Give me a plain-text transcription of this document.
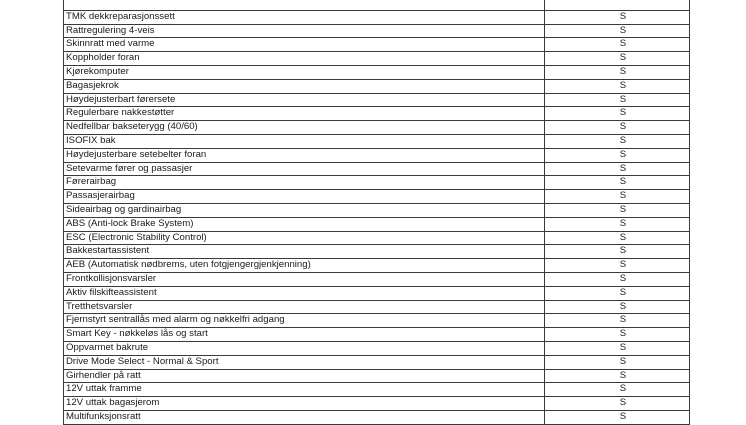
TMK dekkreparasjonssett	S
Rattregulering 4-veis	S
Skinnratt med varme	S
Koppholder foran	S
Kjørekomputer	S
Bagasjekrok	S
Høydejusterbart førersete	S
Regulerbare nakkestøtter	S
Nedfellbar bakseterygg (40/60)	S
ISOFIX bak	S
Høydejusterbare setebelter foran	S
Setevarme fører og passasjer	S
Førerairbag	S
Passasjerairbag	S
Sideairbag og gardinairbag	S
ABS (Anti-lock Brake System)	S
ESC (Electronic Stability Control)	S
Bakkestartassistent	S
AEB (Automatisk nødbrems, uten fotgjengergjenkjenning)	S
Frontkollisjonsvarsler	S
Aktiv filskifteassistent	S
Tretthetsvarsler	S
Fjernstyrt sentrallås med alarm og nøkkelfri adgang	S
Smart Key - nøkkeløs lås og start	S
Oppvarmet bakrute	S
Drive Mode Select - Normal & Sport	S
Girhendler på ratt	S
12V uttak framme	S
12V uttak bagasjerom	S
Multifunksjonsratt	S
